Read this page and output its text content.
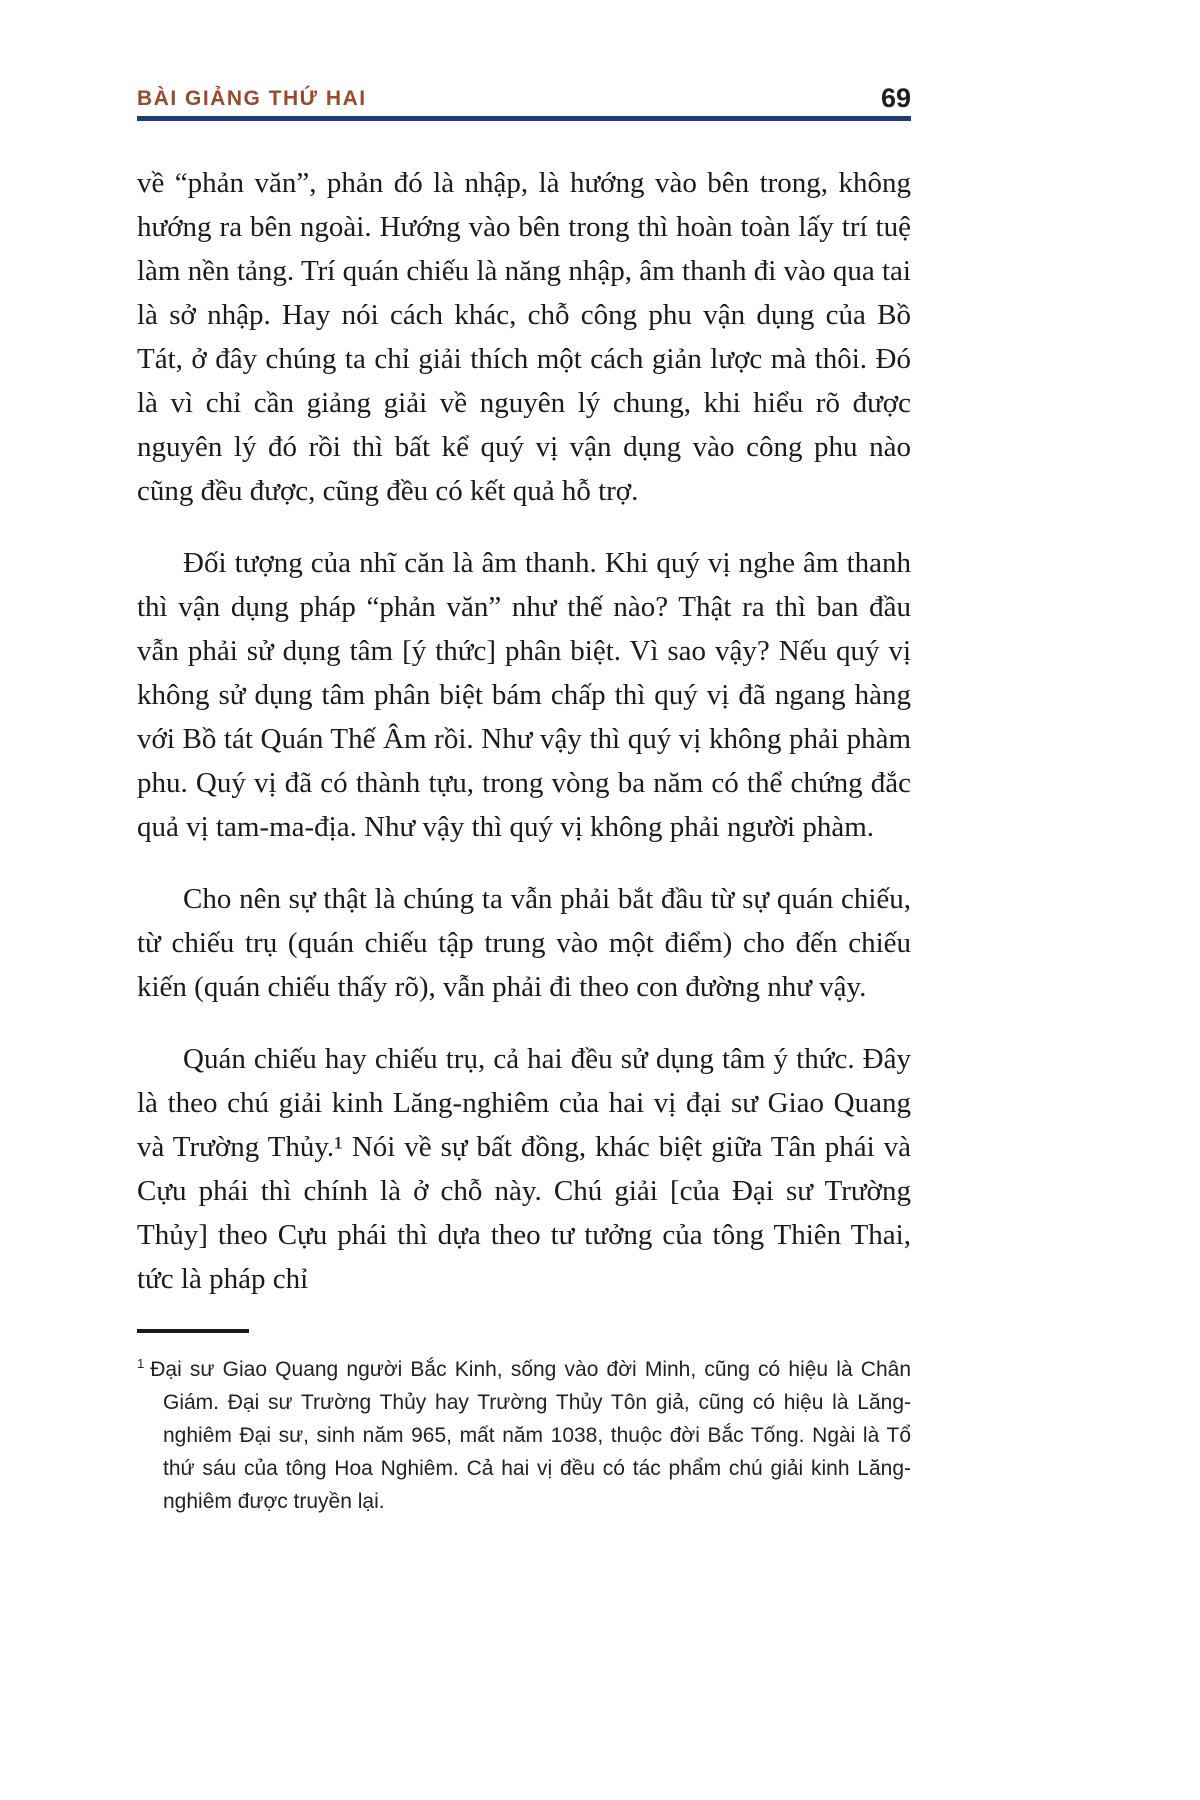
BÀI GIẢNG THỨ HAI	69

về “phản văn”, phản đó là nhập, là hướng vào bên trong, không hướng ra bên ngoài. Hướng vào bên trong thì hoàn toàn lấy trí tuệ làm nền tảng. Trí quán chiếu là năng nhập, âm thanh đi vào qua tai là sở nhập. Hay nói cách khác, chỗ công phu vận dụng của Bồ Tát, ở đây chúng ta chỉ giải thích một cách giản lược mà thôi. Đó là vì chỉ cần giảng giải về nguyên lý chung, khi hiểu rõ được nguyên lý đó rồi thì bất kể quý vị vận dụng vào công phu nào cũng đều được, cũng đều có kết quả hỗ trợ.

Đối tượng của nhĩ căn là âm thanh. Khi quý vị nghe âm thanh thì vận dụng pháp “phản văn” như thế nào? Thật ra thì ban đầu vẫn phải sử dụng tâm [ý thức] phân biệt. Vì sao vậy? Nếu quý vị không sử dụng tâm phân biệt bám chấp thì quý vị đã ngang hàng với Bồ tát Quán Thế Âm rồi. Như vậy thì quý vị không phải phàm phu. Quý vị đã có thành tựu, trong vòng ba năm có thể chứng đắc quả vị tam-ma-địa. Như vậy thì quý vị không phải người phàm.

Cho nên sự thật là chúng ta vẫn phải bắt đầu từ sự quán chiếu, từ chiếu trụ (quán chiếu tập trung vào một điểm) cho đến chiếu kiến (quán chiếu thấy rõ), vẫn phải đi theo con đường như vậy.

Quán chiếu hay chiếu trụ, cả hai đều sử dụng tâm ý thức. Đây là theo chú giải kinh Lăng-nghiêm của hai vị đại sư Giao Quang và Trường Thủy.¹ Nói về sự bất đồng, khác biệt giữa Tân phái và Cựu phái thì chính là ở chỗ này. Chú giải [của Đại sư Trường Thủy] theo Cựu phái thì dựa theo tư tưởng của tông Thiên Thai, tức là pháp chỉ

$^1$ Đại sư Giao Quang người Bắc Kinh, sống vào đời Minh, cũng có hiệu là Chân Giám. Đại sư Trường Thủy hay Trường Thủy Tôn giả, cũng có hiệu là Lăng-nghiêm Đại sư, sinh năm 965, mất năm 1038, thuộc đời Bắc Tống. Ngài là Tổ thứ sáu của tông Hoa Nghiêm. Cả hai vị đều có tác phẩm chú giải kinh Lăng-nghiêm được truyền lại.
